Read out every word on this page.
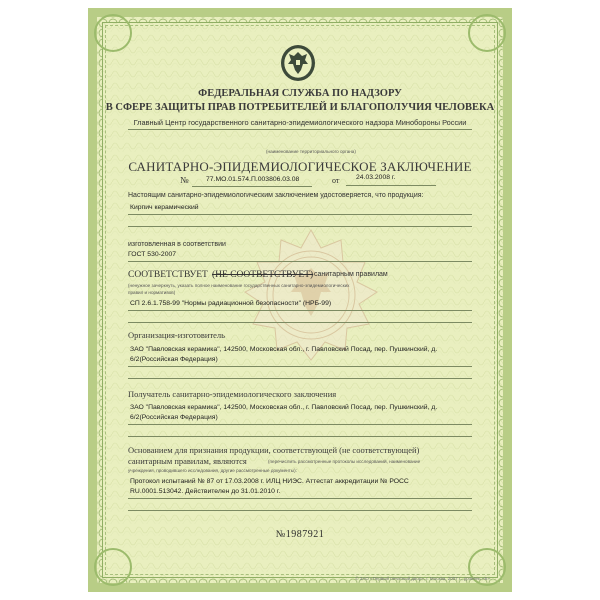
ФЕДЕРАЛЬНАЯ СЛУЖБА ПО НАДЗОРУ
В СФЕРЕ ЗАЩИТЫ ПРАВ ПОТРЕБИТЕЛЕЙ И БЛАГОПОЛУЧИЯ ЧЕЛОВЕКА
Главный Центр государственного санитарно-эпидемиологического надзора Минобороны России
(наименование территориального органа)
САНИТАРНО-ЭПИДЕМИОЛОГИЧЕСКОЕ ЗАКЛЮЧЕНИЕ
№	77.МО.01.574.П.003806.03.08	от 24.03.2008 г.
Настоящим санитарно-эпидемиологическим заключением удостоверяется, что продукция:
Кирпич керамический
изготовленная в соответствии
ГОСТ 530-2007
СООТВЕТСТВУЕТ (НЕ СООТВЕТСТВУЕТ) санитарным правилам
(ненужное зачеркнуть, указать полное наименование государственных санитарно-эпидемиологических
правил и нормативов)
СП 2.6.1.758-99 "Нормы радиационной безопасности" (НРБ-99)
Организация-изготовитель
ЗАО "Павловская керамика", 142500, Московская обл., г. Павловский Посад, пер. Пушкинский, д.
6/2(Российская Федерация)
Получатель санитарно-эпидемиологического заключения
ЗАО "Павловская керамика", 142500, Московская обл., г. Павловский Посад, пер. Пушкинский, д.
6/2(Российская Федерация)
Основанием для признания продукции, соответствующей (не соответствующей)
санитарным правилам, являются	(перечислить рассмотренные протоколы исследований, наименование
учреждения, проводившего исследования, другие рассмотренные документы):
Протокол испытаний № 87 от 17.03.2008 г. ИЛЦ НИЭС. Аттестат аккредитации № РОСС
RU.0001.513042. Действителен до 31.01.2010 г.
№1987921
© ЗАО «Первый печатный двор», г. Москва, 2007 г., уровень «Б»
